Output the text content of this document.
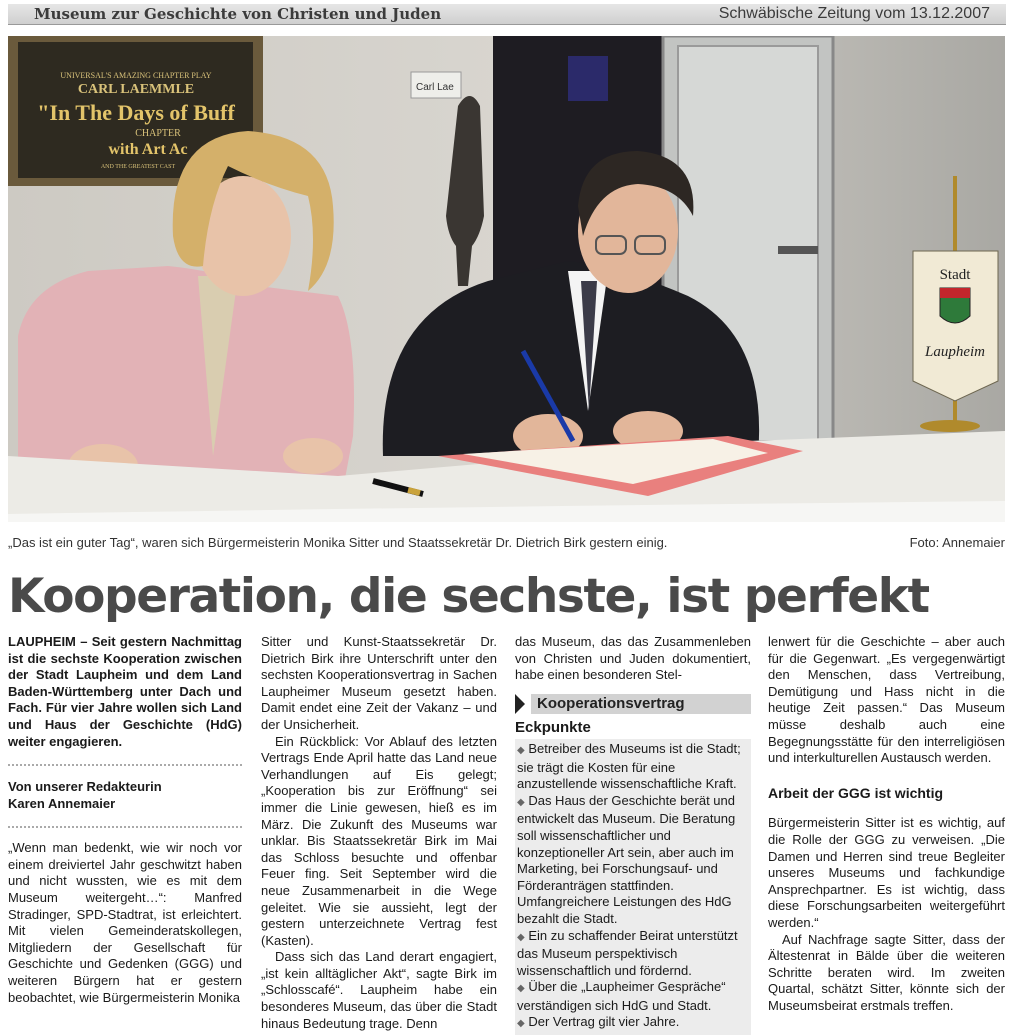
Museum zur Geschichte von Christen und Juden	Schwäbische Zeitung vom 13.12.2007
UNIVERSAL'S AMAZING CHAPTER PLAY
CARL LAEMMLE
"In The Days of Buff
CHAPTER
with Art Ac
AND THE GREATEST CAST
Carl Lae
Stadt
Laupheim
„Das ist ein guter Tag“, waren sich Bürgermeisterin Monika Sitter und Staatssekretär Dr. Dietrich Birk gestern einig.	Foto: Annemaier
Kooperation, die sechste, ist perfekt

LAUPHEIM – Seit gestern Nachmittag ist die sechste Kooperation zwischen der Stadt Laupheim und dem Land Baden-Württemberg unter Dach und Fach. Für vier Jahre wollen sich Land und Haus der Geschichte (HdG) weiter engagieren.

Von unserer Redakteurin
Karen Annemaier

„Wenn man bedenkt, wie wir noch vor einem dreiviertel Jahr geschwitzt haben und nicht wussten, wie es mit dem Museum weitergeht…“: Manfred Stradinger, SPD-Stadtrat, ist erleichtert. Mit vielen Gemeinderatskollegen, Mitgliedern der Gesellschaft für Geschichte und Gedenken (GGG) und weiteren Bürgern hat er gestern beobachtet, wie Bürgermeisterin Monika

Sitter und Kunst-Staatssekretär Dr. Dietrich Birk ihre Unterschrift unter den sechsten Kooperationsvertrag in Sachen Laupheimer Museum gesetzt haben. Damit endet eine Zeit der Vakanz – und der Unsicherheit.

Ein Rückblick: Vor Ablauf des letzten Vertrags Ende April hatte das Land neue Verhandlungen auf Eis gelegt; „Kooperation bis zur Eröffnung“ sei immer die Linie gewesen, hieß es im März. Die Zukunft des Museums war unklar. Bis Staatssekretär Birk im Mai das Schloss besuchte und offenbar Feuer fing. Seit September wird die neue Zusammenarbeit in die Wege geleitet. Wie sie aussieht, legt der gestern unterzeichnete Vertrag fest (Kasten).

Dass sich das Land derart engagiert, „ist kein alltäglicher Akt“, sagte Birk im „Schlosscafé“. Laupheim habe ein besonderes Museum, das über die Stadt hinaus Bedeutung trage. Denn

das Museum, das das Zusammenleben von Christen und Juden dokumentiert, habe einen besonderen Stel-

Kooperationsvertrag
Eckpunkte

◆ Betreiber des Museums ist die Stadt; sie trägt die Kosten für eine anzustellende wissenschaftliche Kraft.

◆ Das Haus der Geschichte berät und entwickelt das Museum. Die Beratung soll wissenschaftlicher und konzeptioneller Art sein, aber auch im Marketing, bei Forschungsauf- und Förderanträgen stattfinden. Umfangreichere Leistungen des HdG bezahlt die Stadt.

◆ Ein zu schaffender Beirat unterstützt das Museum perspektivisch wissenschaftlich und fördernd.

◆ Über die „Laupheimer Gespräche“ verständigen sich HdG und Stadt.

◆ Der Vertrag gilt vier Jahre.

lenwert für die Geschichte – aber auch für die Gegenwart. „Es vergegenwärtigt den Menschen, dass Vertreibung, Demütigung und Hass nicht in die heutige Zeit passen.“ Das Museum müsse deshalb auch eine Begegnungsstätte für den interreligiösen und interkulturellen Austausch werden.

Arbeit der GGG ist wichtig

Bürgermeisterin Sitter ist es wichtig, auf die Rolle der GGG zu verweisen. „Die Damen und Herren sind treue Begleiter unseres Museums und fachkundige Ansprechpartner. Es ist wichtig, dass diese Forschungsarbeiten weitergeführt werden.“

Auf Nachfrage sagte Sitter, dass der Ältestenrat in Bälde über die weiteren Schritte beraten wird. Im zweiten Quartal, schätzt Sitter, könnte sich der Museumsbeirat erstmals treffen.
